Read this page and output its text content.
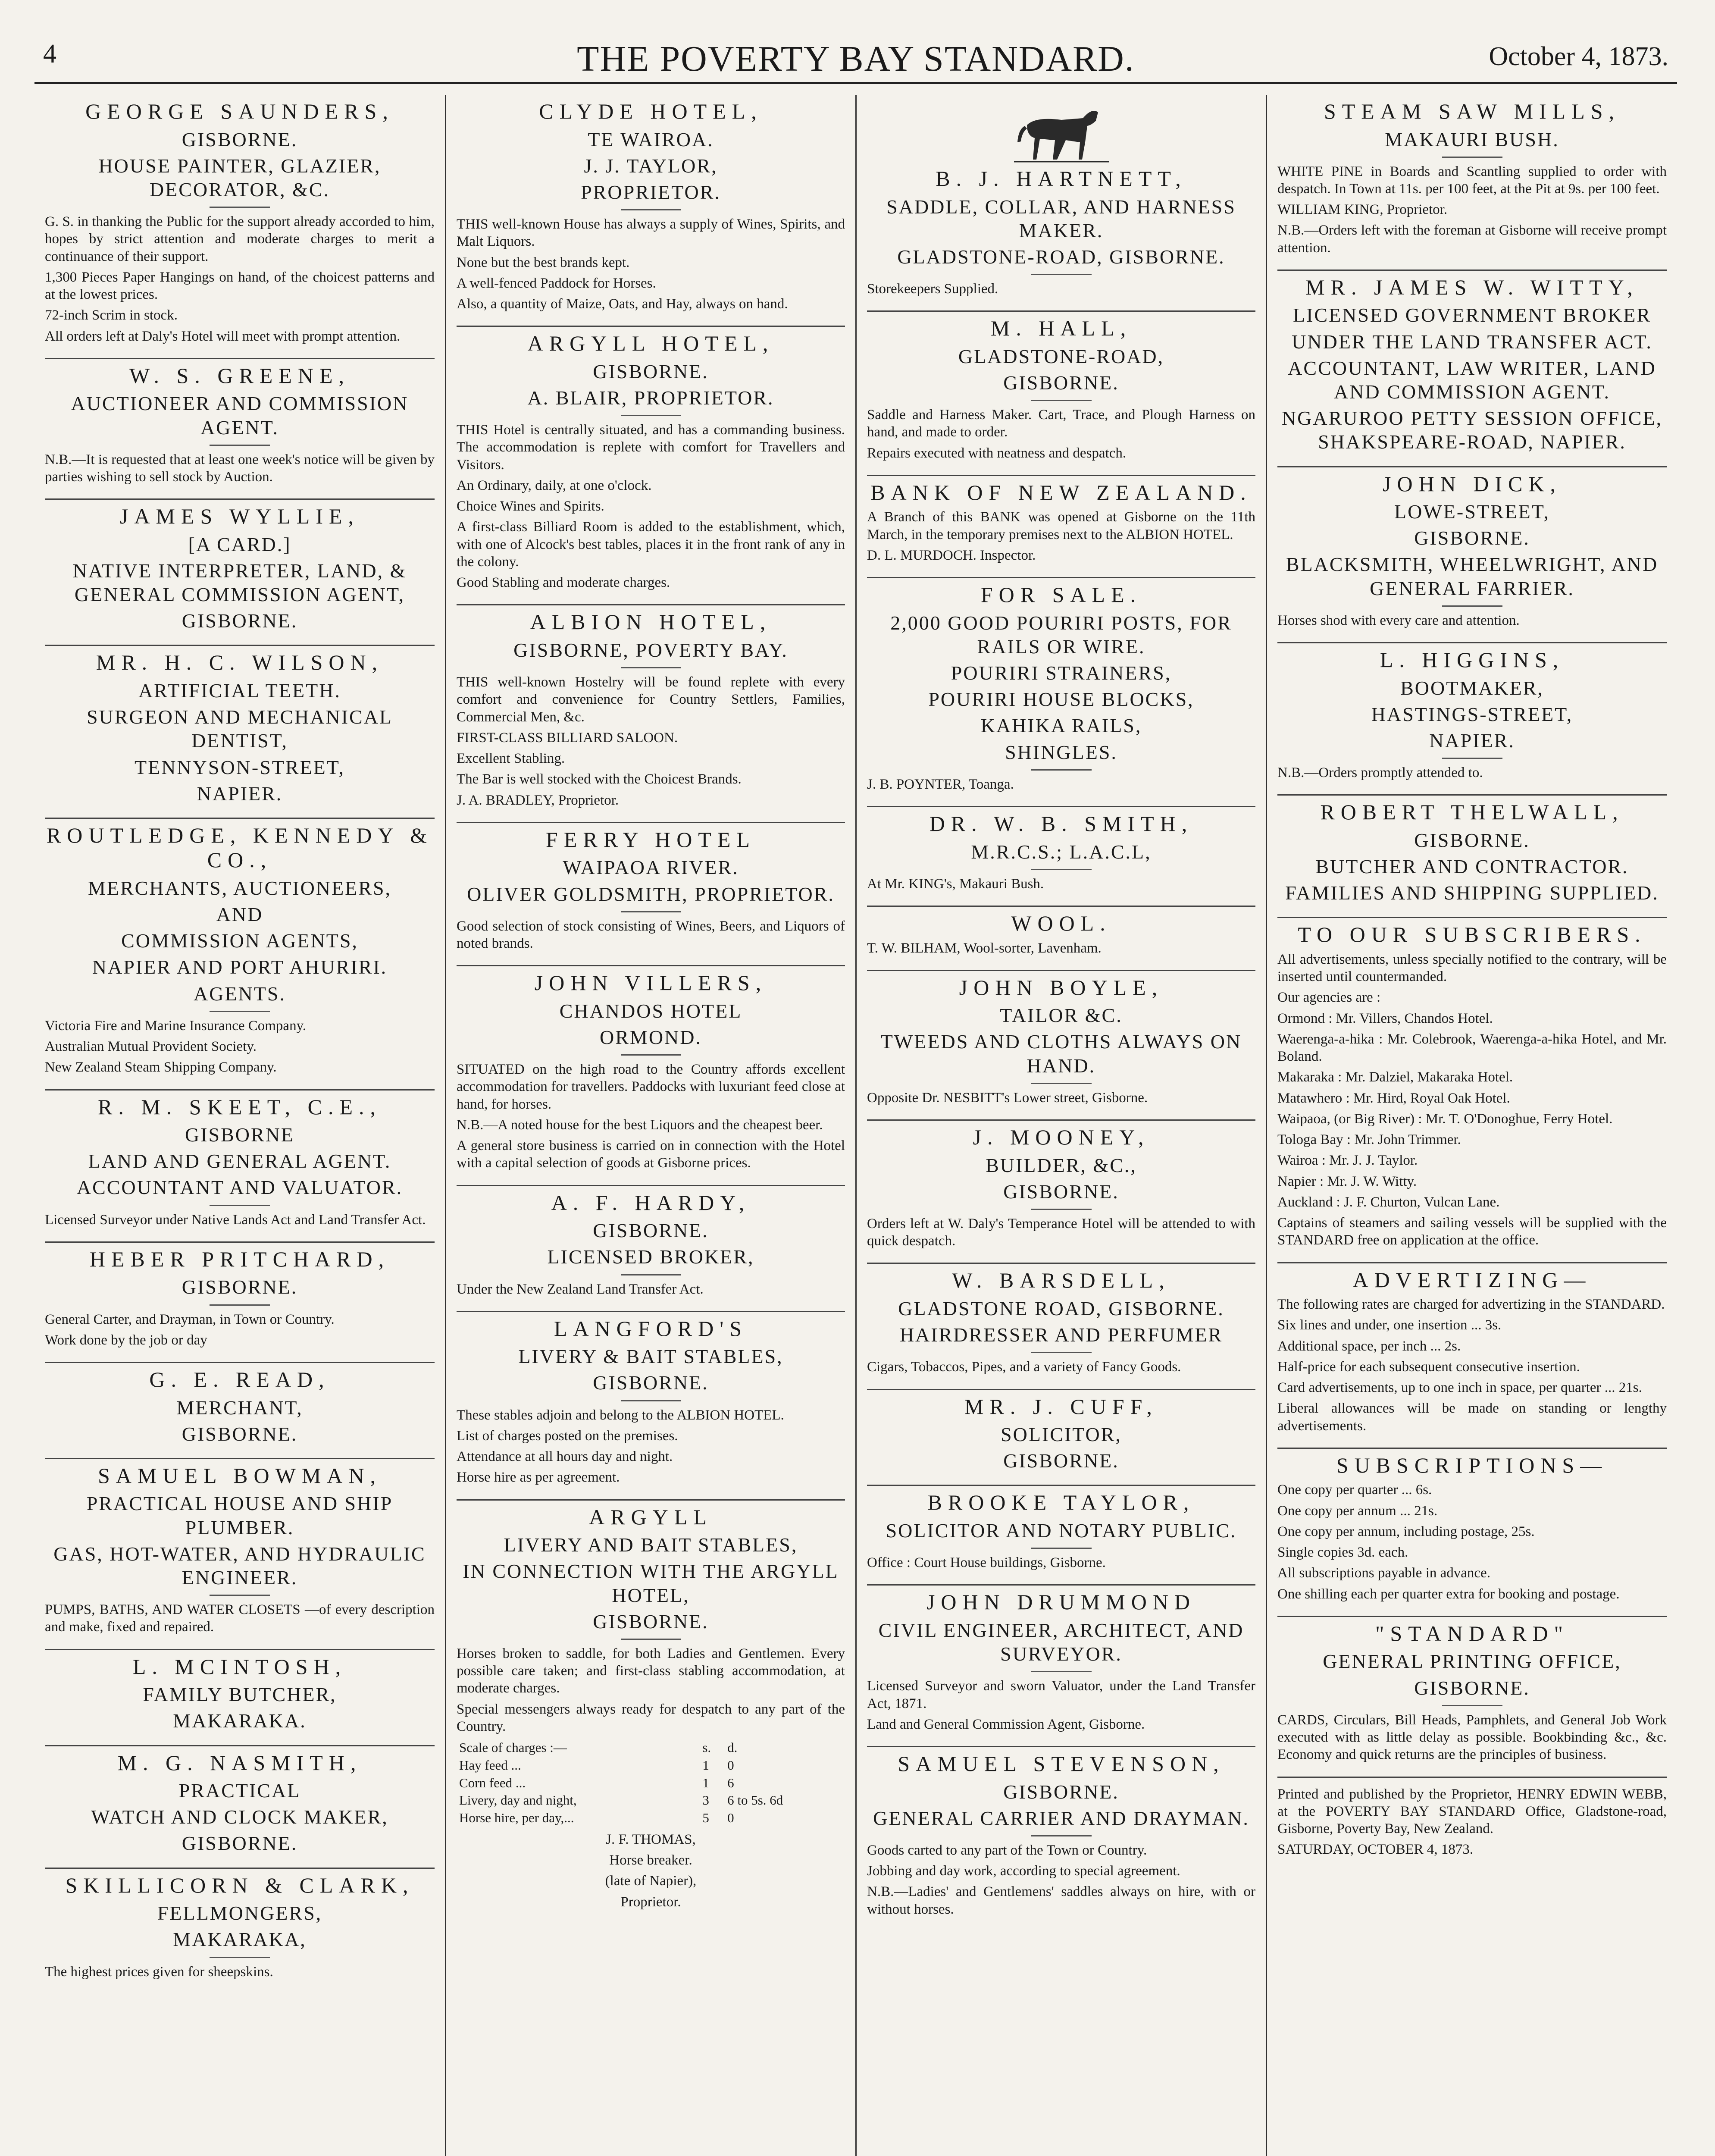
4	THE POVERTY BAY STANDARD.	October 4, 1873.
GEORGE SAUNDERS,
GISBORNE.
HOUSE PAINTER, GLAZIER, DECORATOR, &C.

G. S. in thanking the Public for the support already accorded to him, hopes by strict attention and moderate charges to merit a continuance of their support.

1,300 Pieces Paper Hangings on hand, of the choicest patterns and at the lowest prices.

72-inch Scrim in stock.

All orders left at Daly's Hotel will meet with prompt attention.

W. S. GREENE,
AUCTIONEER AND COMMISSION AGENT.

N.B.—It is requested that at least one week's notice will be given by parties wishing to sell stock by Auction.

JAMES WYLLIE,
[A CARD.]
NATIVE INTERPRETER, LAND, & GENERAL COMMISSION AGENT,
GISBORNE.
MR. H. C. WILSON,
ARTIFICIAL TEETH.
SURGEON AND MECHANICAL DENTIST,
TENNYSON-STREET,
NAPIER.
ROUTLEDGE, KENNEDY & CO.,
MERCHANTS, AUCTIONEERS,
AND
COMMISSION AGENTS,
NAPIER AND PORT AHURIRI.
AGENTS.

Victoria Fire and Marine Insurance Company.

Australian Mutual Provident Society.

New Zealand Steam Shipping Company.

R. M. SKEET, C.E.,
GISBORNE
LAND AND GENERAL AGENT.
ACCOUNTANT AND VALUATOR.

Licensed Surveyor under Native Lands Act and Land Transfer Act.

HEBER PRITCHARD,
GISBORNE.

General Carter, and Drayman, in Town or Country.

Work done by the job or day

G. E. READ,
MERCHANT,
GISBORNE.
SAMUEL BOWMAN,
PRACTICAL HOUSE AND SHIP PLUMBER.
GAS, HOT-WATER, AND HYDRAULIC ENGINEER.

PUMPS, BATHS, AND WATER CLOSETS —of every description and make, fixed and repaired.

L. MCINTOSH,
FAMILY BUTCHER,
MAKARAKA.
M. G. NASMITH,
PRACTICAL
WATCH AND CLOCK MAKER,
GISBORNE.
SKILLICORN & CLARK,
FELLMONGERS,
MAKARAKA,

The highest prices given for sheepskins.

CLYDE HOTEL,
TE WAIROA.
J. J. TAYLOR,
PROPRIETOR.

THIS well-known House has always a supply of Wines, Spirits, and Malt Liquors.

None but the best brands kept.

A well-fenced Paddock for Horses.

Also, a quantity of Maize, Oats, and Hay, always on hand.

ARGYLL HOTEL,
GISBORNE.
A. BLAIR, PROPRIETOR.

THIS Hotel is centrally situated, and has a commanding business. The accommodation is replete with comfort for Travellers and Visitors.

An Ordinary, daily, at one o'clock.

Choice Wines and Spirits.

A first-class Billiard Room is added to the establishment, which, with one of Alcock's best tables, places it in the front rank of any in the colony.

Good Stabling and moderate charges.

ALBION HOTEL,
GISBORNE, POVERTY BAY.

THIS well-known Hostelry will be found replete with every comfort and convenience for Country Settlers, Families, Commercial Men, &c.

FIRST-CLASS BILLIARD SALOON.

Excellent Stabling.

The Bar is well stocked with the Choicest Brands.

J. A. BRADLEY, Proprietor.

FERRY HOTEL
WAIPAOA RIVER.
OLIVER GOLDSMITH, PROPRIETOR.

Good selection of stock consisting of Wines, Beers, and Liquors of noted brands.

JOHN VILLERS,
CHANDOS HOTEL
ORMOND.

SITUATED on the high road to the Country affords excellent accommodation for travellers. Paddocks with luxuriant feed close at hand, for horses.

N.B.—A noted house for the best Liquors and the cheapest beer.

A general store business is carried on in connection with the Hotel with a capital selection of goods at Gisborne prices.

A. F. HARDY,
GISBORNE.
LICENSED BROKER,

Under the New Zealand Land Transfer Act.

LANGFORD'S
LIVERY & BAIT STABLES,
GISBORNE.

These stables adjoin and belong to the ALBION HOTEL.

List of charges posted on the premises.

Attendance at all hours day and night.

Horse hire as per agreement.

ARGYLL
LIVERY AND BAIT STABLES,
IN CONNECTION WITH THE ARGYLL HOTEL,
GISBORNE.

Horses broken to saddle, for both Ladies and Gentlemen. Every possible care taken; and first-class stabling accommodation, at moderate charges.

Special messengers always ready for despatch to any part of the Country.

Scale of charges :—	s.	d.
Hay feed ...	1	0
Corn feed ...	1	6
Livery, day and night,	3	6 to 5s. 6d
Horse hire, per day,...	5	0
J. F. THOMAS,
Horse breaker.
(late of Napier),
Proprietor.
B. J. HARTNETT,
SADDLE, COLLAR, AND HARNESS MAKER.
GLADSTONE-ROAD, GISBORNE.

Storekeepers Supplied.

M. HALL,
GLADSTONE-ROAD,
GISBORNE.

Saddle and Harness Maker. Cart, Trace, and Plough Harness on hand, and made to order.

Repairs executed with neatness and despatch.

BANK OF NEW ZEALAND.

A Branch of this BANK was opened at Gisborne on the 11th March, in the temporary premises next to the ALBION HOTEL.

D. L. MURDOCH. Inspector.

FOR SALE.
2,000 GOOD POURIRI POSTS, FOR RAILS OR WIRE.
POURIRI STRAINERS,
POURIRI HOUSE BLOCKS,
KAHIKA RAILS,
SHINGLES.

J. B. POYNTER, Toanga.

DR. W. B. SMITH,
M.R.C.S.; L.A.C.L,

At Mr. KING's, Makauri Bush.

WOOL.

T. W. BILHAM, Wool-sorter, Lavenham.

JOHN BOYLE,
TAILOR &C.
TWEEDS AND CLOTHS ALWAYS ON HAND.

Opposite Dr. NESBITT's Lower street, Gisborne.

J. MOONEY,
BUILDER, &C.,
GISBORNE.

Orders left at W. Daly's Temperance Hotel will be attended to with quick despatch.

W. BARSDELL,
GLADSTONE ROAD, GISBORNE.
HAIRDRESSER AND PERFUMER

Cigars, Tobaccos, Pipes, and a variety of Fancy Goods.

MR. J. CUFF,
SOLICITOR,
GISBORNE.
BROOKE TAYLOR,
SOLICITOR AND NOTARY PUBLIC.

Office : Court House buildings, Gisborne.

JOHN DRUMMOND
CIVIL ENGINEER, ARCHITECT, AND SURVEYOR.

Licensed Surveyor and sworn Valuator, under the Land Transfer Act, 1871.

Land and General Commission Agent, Gisborne.

SAMUEL STEVENSON,
GISBORNE.
GENERAL CARRIER AND DRAYMAN.

Goods carted to any part of the Town or Country.

Jobbing and day work, according to special agreement.

N.B.—Ladies' and Gentlemens' saddles always on hire, with or without horses.

STEAM SAW MILLS,
MAKAURI BUSH.

WHITE PINE in Boards and Scantling supplied to order with despatch. In Town at 11s. per 100 feet, at the Pit at 9s. per 100 feet.

WILLIAM KING, Proprietor.

N.B.—Orders left with the foreman at Gisborne will receive prompt attention.

MR. JAMES W. WITTY,
LICENSED GOVERNMENT BROKER
UNDER THE LAND TRANSFER ACT.
ACCOUNTANT, LAW WRITER, LAND AND COMMISSION AGENT.
NGARUROO PETTY SESSION OFFICE, SHAKSPEARE-ROAD, NAPIER.
JOHN DICK,
LOWE-STREET,
GISBORNE.
BLACKSMITH, WHEELWRIGHT, AND GENERAL FARRIER.

Horses shod with every care and attention.

L. HIGGINS,
BOOTMAKER,
HASTINGS-STREET,
NAPIER.

N.B.—Orders promptly attended to.

ROBERT THELWALL,
GISBORNE.
BUTCHER AND CONTRACTOR.
FAMILIES AND SHIPPING SUPPLIED.
TO OUR SUBSCRIBERS.

All advertisements, unless specially notified to the contrary, will be inserted until countermanded.

Our agencies are :

Ormond : Mr. Villers, Chandos Hotel.

Waerenga-a-hika : Mr. Colebrook, Waerenga-a-hika Hotel, and Mr. Boland.

Makaraka : Mr. Dalziel, Makaraka Hotel.

Matawhero : Mr. Hird, Royal Oak Hotel.

Waipaoa, (or Big River) : Mr. T. O'Donoghue, Ferry Hotel.

Tologa Bay : Mr. John Trimmer.

Wairoa : Mr. J. J. Taylor.

Napier : Mr. J. W. Witty.

Auckland : J. F. Churton, Vulcan Lane.

Captains of steamers and sailing vessels will be supplied with the STANDARD free on application at the office.

ADVERTIZING—

The following rates are charged for advertizing in the STANDARD.

Six lines and under, one insertion ... 3s.

Additional space, per inch ... 2s.

Half-price for each subsequent consecutive insertion.

Card advertisements, up to one inch in space, per quarter ... 21s.

Liberal allowances will be made on standing or lengthy advertisements.

SUBSCRIPTIONS—

One copy per quarter ... 6s.

One copy per annum ... 21s.

One copy per annum, including postage, 25s.

Single copies 3d. each.

All subscriptions payable in advance.

One shilling each per quarter extra for booking and postage.

"STANDARD"
GENERAL PRINTING OFFICE,
GISBORNE.

CARDS, Circulars, Bill Heads, Pamphlets, and General Job Work executed with as little delay as possible. Bookbinding &c., &c. Economy and quick returns are the principles of business.

Printed and published by the Proprietor, HENRY EDWIN WEBB, at the POVERTY BAY STANDARD Office, Gladstone-road, Gisborne, Poverty Bay, New Zealand.

SATURDAY, OCTOBER 4, 1873.
